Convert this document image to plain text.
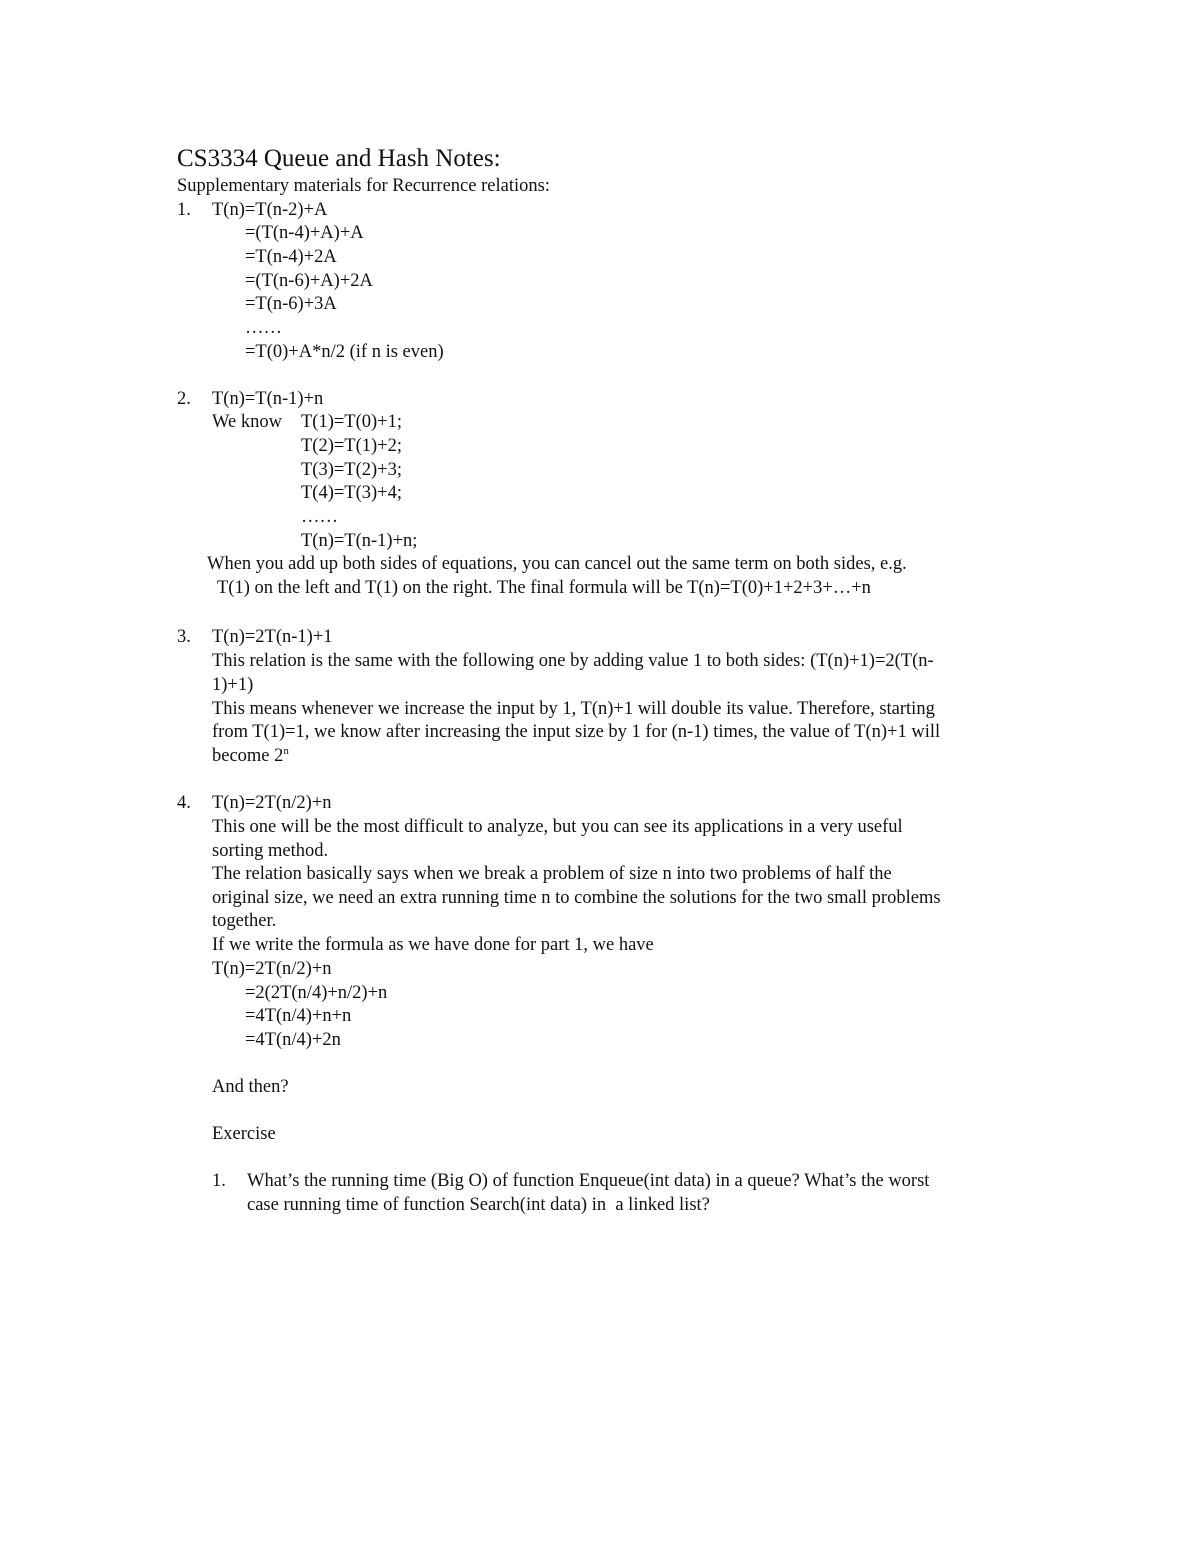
CS3334 Queue and Hash Notes:
Supplementary materials for Recurrence relations:
1. T(n)=T(n-2)+A
=(T(n-4)+A)+A
=T(n-4)+2A
=(T(n-6)+A)+2A
=T(n-6)+3A
……
=T(0)+A*n/2 (if n is even)
2. T(n)=T(n-1)+n
We know T(1)=T(0)+1;
T(2)=T(1)+2;
T(3)=T(2)+3;
T(4)=T(3)+4;
……
T(n)=T(n-1)+n;
When you add up both sides of equations, you can cancel out the same term on both sides, e.g.
T(1) on the left and T(1) on the right. The final formula will be T(n)=T(0)+1+2+3+…+n
3. T(n)=2T(n-1)+1
This relation is the same with the following one by adding value 1 to both sides: (T(n)+1)=2(T(n-
1)+1)
This means whenever we increase the input by 1, T(n)+1 will double its value. Therefore, starting
from T(1)=1, we know after increasing the input size by 1 for (n-1) times, the value of T(n)+1 will
become 2$^n$
4. T(n)=2T(n/2)+n
This one will be the most difficult to analyze, but you can see its applications in a very useful
sorting method.
The relation basically says when we break a problem of size n into two problems of half the
original size, we need an extra running time n to combine the solutions for the two small problems
together.
If we write the formula as we have done for part 1, we have
T(n)=2T(n/2)+n
=2(2T(n/4)+n/2)+n
=4T(n/4)+n+n
=4T(n/4)+2n
And then?
Exercise
1. What’s the running time (Big O) of function Enqueue(int data) in a queue? What’s the worst
case running time of function Search(int data) in  a linked list?
